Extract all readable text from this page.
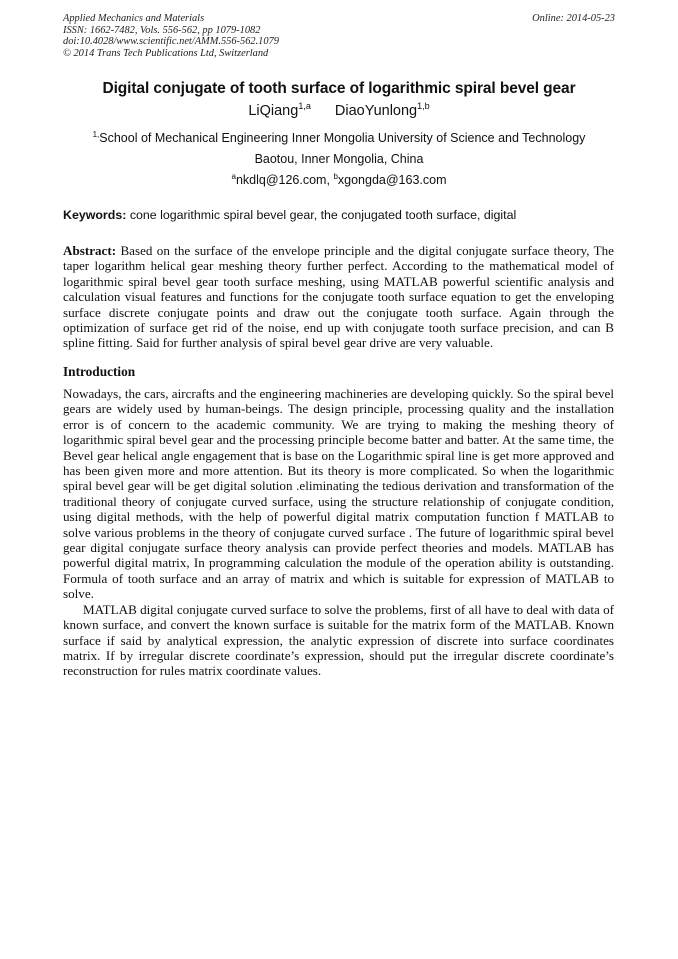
Applied Mechanics and Materials
ISSN: 1662-7482, Vols. 556-562, pp 1079-1082
doi:10.4028/www.scientific.net/AMM.556-562.1079
© 2014 Trans Tech Publications Ltd, Switzerland
Online: 2014-05-23
Digital conjugate of tooth surface of logarithmic spiral bevel gear
LiQiang$^{1,a}$ DiaoYunlong$^{1,b}$
$^{1,}$School of Mechanical Engineering Inner Mongolia University of Science and Technology
Baotou, Inner Mongolia, China
$^a$nkdlq@126.com, $^b$xgongda@163.com
Keywords: cone logarithmic spiral bevel gear, the conjugated tooth surface, digital
Abstract: Based on the surface of the envelope principle and the digital conjugate surface theory, The taper logarithm helical gear meshing theory further perfect. According to the mathematical model of logarithmic spiral bevel gear tooth surface meshing, using MATLAB powerful scientific analysis and calculation visual features and functions for the conjugate tooth surface equation to get the enveloping surface discrete conjugate points and draw out the conjugate tooth surface. Again through the optimization of surface get rid of the noise, end up with conjugate tooth surface precision, and can B spline fitting. Said for further analysis of spiral bevel gear drive are very valuable.
Introduction

Nowadays, the cars, aircrafts and the engineering machineries are developing quickly. So the spiral bevel gears are widely used by human-beings. The design principle, processing quality and the installation error is of concern to the academic community. We are trying to making the meshing theory of logarithmic spiral bevel gear and the processing principle become batter and batter. At the same time, the Bevel gear helical angle engagement that is base on the Logarithmic spiral line is get more approved and has been given more and more attention. But its theory is more complicated. So when the logarithmic spiral bevel gear will be get digital solution .eliminating the tedious derivation and transformation of the traditional theory of conjugate curved surface, using the structure relationship of conjugate condition, using digital methods, with the help of powerful digital matrix computation function f MATLAB to solve various problems in the theory of conjugate curved surface . The future of logarithmic spiral bevel gear digital conjugate surface theory analysis can provide perfect theories and models. MATLAB has powerful digital matrix, In programming calculation the module of the operation ability is outstanding. Formula of tooth surface and an array of matrix and which is suitable for expression of MATLAB to solve.

MATLAB digital conjugate curved surface to solve the problems, first of all have to deal with data of known surface, and convert the known surface is suitable for the matrix form of the MATLAB. Known surface if said by analytical expression, the analytic expression of discrete into surface coordinates matrix. If by irregular discrete coordinate’s expression, should put the irregular discrete coordinate’s reconstruction for rules matrix coordinate values.
